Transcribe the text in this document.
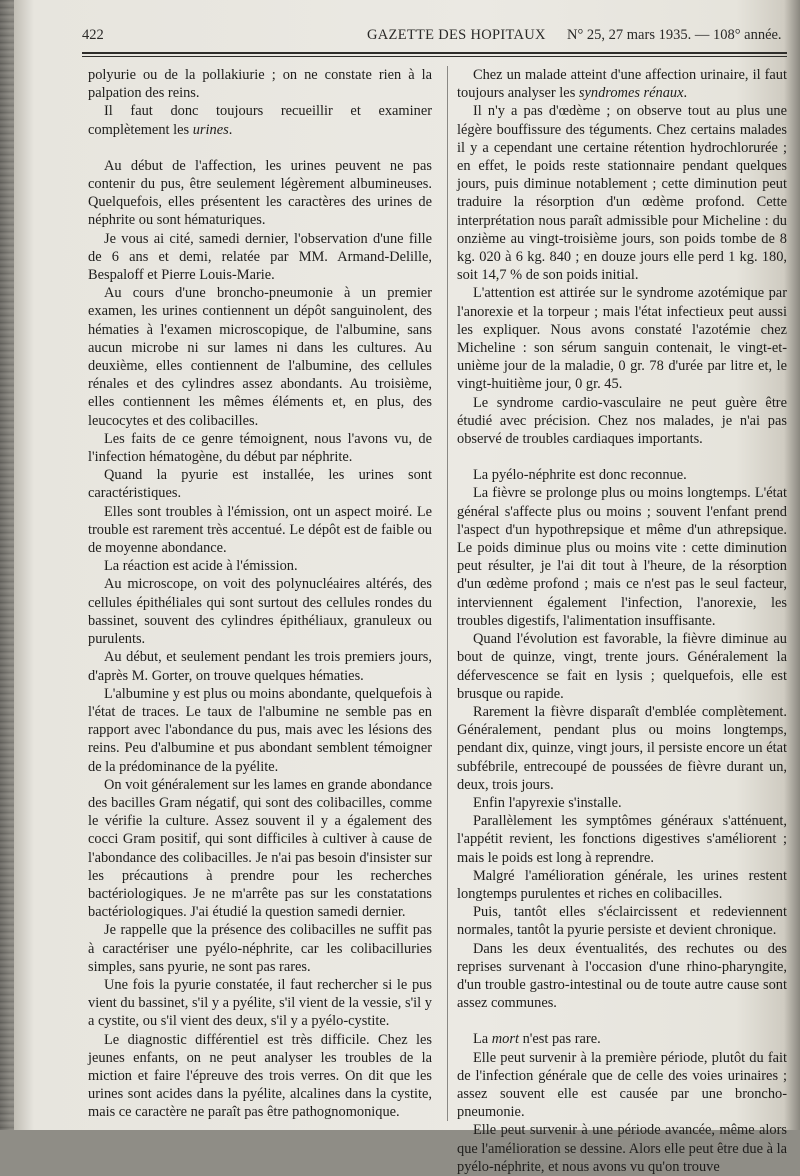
422	GAZETTE DES HOPITAUX N° 25, 27 mars 1935. — 108° année.

polyurie ou de la pollakiurie ; on ne constate rien à la palpation des reins.

Il faut donc toujours recueillir et examiner complètement les urines.

Au début de l'affection, les urines peuvent ne pas contenir du pus, être seulement légèrement albumineuses. Quelquefois, elles présentent les caractères des urines de néphrite ou sont hématuriques.

Je vous ai cité, samedi dernier, l'observation d'une fille de 6 ans et demi, relatée par MM. Armand-Delille, Bespaloff et Pierre Louis-Marie.

Au cours d'une broncho-pneumonie à un premier examen, les urines contiennent un dépôt sanguinolent, des hématies à l'examen microscopique, de l'albumine, sans aucun microbe ni sur lames ni dans les cultures. Au deuxième, elles contiennent de l'albumine, des cellules rénales et des cylindres assez abondants. Au troisième, elles contiennent les mêmes éléments et, en plus, des leucocytes et des colibacilles.

Les faits de ce genre témoignent, nous l'avons vu, de l'infection hématogène, du début par néphrite.

Quand la pyurie est installée, les urines sont caractéristiques.

Elles sont troubles à l'émission, ont un aspect moiré. Le trouble est rarement très accentué. Le dépôt est de faible ou de moyenne abondance.

La réaction est acide à l'émission.

Au microscope, on voit des polynucléaires altérés, des cellules épithéliales qui sont surtout des cellules rondes du bassinet, souvent des cylindres épithéliaux, granuleux ou purulents.

Au début, et seulement pendant les trois premiers jours, d'après M. Gorter, on trouve quelques hématies.

L'albumine y est plus ou moins abondante, quelquefois à l'état de traces. Le taux de l'albumine ne semble pas en rapport avec l'abondance du pus, mais avec les lésions des reins. Peu d'albumine et pus abondant semblent témoigner de la prédominance de la pyélite.

On voit généralement sur les lames en grande abondance des bacilles Gram négatif, qui sont des colibacilles, comme le vérifie la culture. Assez souvent il y a également des cocci Gram positif, qui sont difficiles à cultiver à cause de l'abondance des colibacilles. Je n'ai pas besoin d'insister sur les précautions à prendre pour les recherches bactériologiques. Je ne m'arrête pas sur les constatations bactériologiques. J'ai étudié la question samedi dernier.

Je rappelle que la présence des colibacilles ne suffit pas à caractériser une pyélo-néphrite, car les colibacilluries simples, sans pyurie, ne sont pas rares.

Une fois la pyurie constatée, il faut rechercher si le pus vient du bassinet, s'il y a pyélite, s'il vient de la vessie, s'il y a cystite, ou s'il vient des deux, s'il y a pyélo-cystite.

Le diagnostic différentiel est très difficile. Chez les jeunes enfants, on ne peut analyser les troubles de la miction et faire l'épreuve des trois verres. On dit que les urines sont acides dans la pyélite, alcalines dans la cystite, mais ce caractère ne paraît pas être pathognomonique.

Chez un malade atteint d'une affection urinaire, il faut toujours analyser les syndromes rénaux.

Il n'y a pas d'œdème ; on observe tout au plus une légère bouffissure des téguments. Chez certains malades il y a cependant une certaine rétention hydrochlorurée ; en effet, le poids reste stationnaire pendant quelques jours, puis diminue notablement ; cette diminution peut traduire la résorption d'un œdème profond. Cette interprétation nous paraît admissible pour Micheline : du onzième au vingt-troisième jours, son poids tombe de 8 kg. 020 à 6 kg. 840 ; en douze jours elle perd 1 kg. 180, soit 14,7 % de son poids initial.

L'attention est attirée sur le syndrome azotémique par l'anorexie et la torpeur ; mais l'état infectieux peut aussi les expliquer. Nous avons constaté l'azotémie chez Micheline : son sérum sanguin contenait, le vingt-et-unième jour de la maladie, 0 gr. 78 d'urée par litre et, le vingt-huitième jour, 0 gr. 45.

Le syndrome cardio-vasculaire ne peut guère être étudié avec précision. Chez nos malades, je n'ai pas observé de troubles cardiaques importants.

La pyélo-néphrite est donc reconnue.

La fièvre se prolonge plus ou moins longtemps. L'état général s'affecte plus ou moins ; souvent l'enfant prend l'aspect d'un hypothrepsique et même d'un athrepsique. Le poids diminue plus ou moins vite : cette diminution peut résulter, je l'ai dit tout à l'heure, de la résorption d'un œdème profond ; mais ce n'est pas le seul facteur, interviennent également l'infection, l'anorexie, les troubles digestifs, l'alimentation insuffisante.

Quand l'évolution est favorable, la fièvre diminue au bout de quinze, vingt, trente jours. Généralement la défervescence se fait en lysis ; quelquefois, elle est brusque ou rapide.

Rarement la fièvre disparaît d'emblée complètement. Généralement, pendant plus ou moins longtemps, pendant dix, quinze, vingt jours, il persiste encore un état subfébrile, entrecoupé de poussées de fièvre durant un, deux, trois jours.

Enfin l'apyrexie s'installe.

Parallèlement les symptômes généraux s'atténuent, l'appétit revient, les fonctions digestives s'améliorent ; mais le poids est long à reprendre.

Malgré l'amélioration générale, les urines restent longtemps purulentes et riches en colibacilles.

Puis, tantôt elles s'éclaircissent et redeviennent normales, tantôt la pyurie persiste et devient chronique.

Dans les deux éventualités, des rechutes ou des reprises survenant à l'occasion d'une rhino-pharyngite, d'un trouble gastro-intestinal ou de toute autre cause sont assez communes.

La mort n'est pas rare.

Elle peut survenir à la première période, plutôt du fait de l'infection générale que de celle des voies urinaires ; assez souvent elle est causée par une broncho-pneumonie.

Elle peut survenir à une période avancée, même alors que l'amélioration se dessine. Alors elle peut être due à la pyélo-néphrite, et nous avons vu qu'on trouve
